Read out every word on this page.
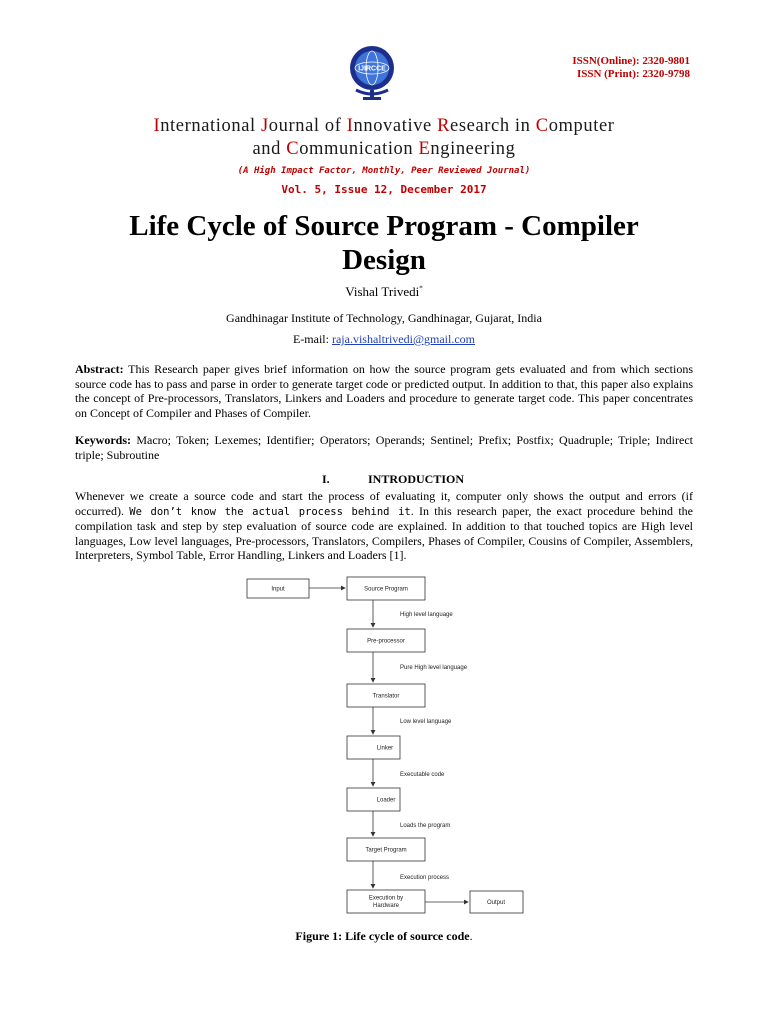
IJIRCCE
ISSN(Online): 2320-9801
ISSN (Print): 2320-9798
International Journal of Innovative Research in Computer
and Communication Engineering
(A High Impact Factor, Monthly, Peer Reviewed Journal)
Vol. 5, Issue 12, December 2017
Life Cycle of Source Program - Compiler
Design
Vishal Trivedi*
Gandhinagar Institute of Technology, Gandhinagar, Gujarat, India
E-mail: raja.vishaltrivedi@gmail.com
Abstract: This Research paper gives brief information on how the source program gets evaluated and from which sections source code has to pass and parse in order to generate target code or predicted output. In addition to that, this paper also explains the concept of Pre-processors, Translators, Linkers and Loaders and procedure to generate target code. This paper concentrates on Concept of Compiler and Phases of Compiler.
Keywords: Macro; Token; Lexemes; Identifier; Operators; Operands; Sentinel; Prefix; Postfix; Quadruple; Triple; Indirect triple; Subroutine
I.	INTRODUCTION
Whenever we create a source code and start the process of evaluating it, computer only shows the output and errors (if occurred). We don’t know the actual process behind it. In this research paper, the exact procedure behind the compilation task and step by step evaluation of source code are explained. In addition to that touched topics are High level languages, Low level languages, Pre-processors, Translators, Compilers, Phases of Compiler, Cousins of Compiler, Assemblers, Interpreters, Symbol Table, Error Handling, Linkers and Loaders [1].
Input	Source Program
Pre-processor
Translator
Linker
Loader
Target Program
Execution by
Hardware	Output
High level language
Pure High level language
Low level language
Executable code
Loads the program
Execution process
Figure 1: Life cycle of source code.
